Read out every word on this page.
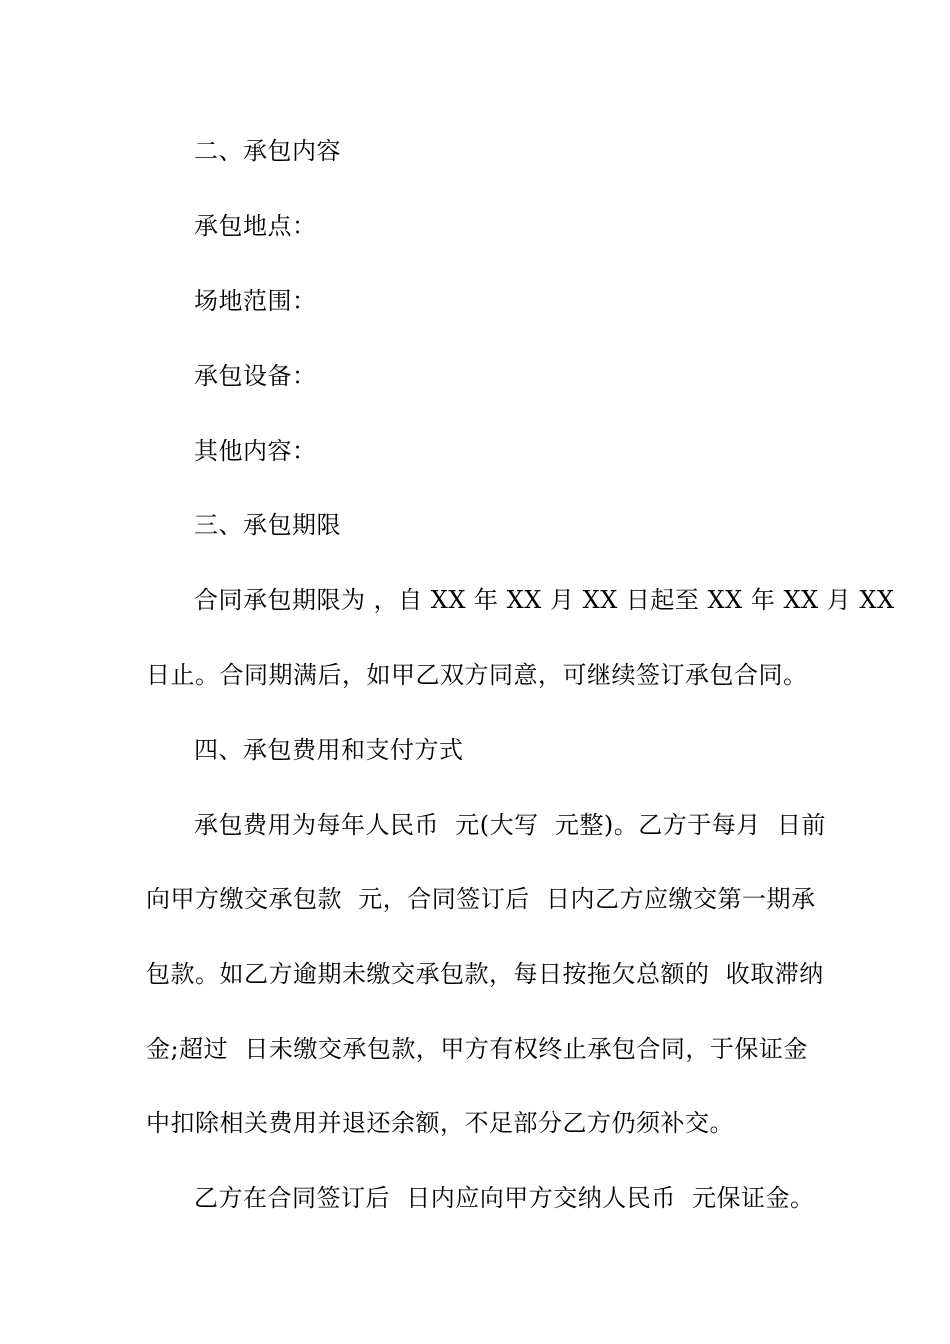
二、承包内容
承包地点：
场地范围：
承包设备：
其他内容：
三、承包期限
合同承包期限为 ，自 XX 年 XX 月 XX 日起至 XX 年 XX 月 XX
日止。合同期满后，如甲乙双方同意，可继续签订承包合同。
四、承包费用和支付方式
承包费用为每年人民币  元(大写  元整)。乙方于每月  日前
向甲方缴交承包款  元，合同签订后  日内乙方应缴交第一期承
包款。如乙方逾期未缴交承包款，每日按拖欠总额的  收取滞纳
金;超过  日未缴交承包款，甲方有权终止承包合同，于保证金
中扣除相关费用并退还余额，不足部分乙方仍须补交。
乙方在合同签订后  日内应向甲方交纳人民币  元保证金。
